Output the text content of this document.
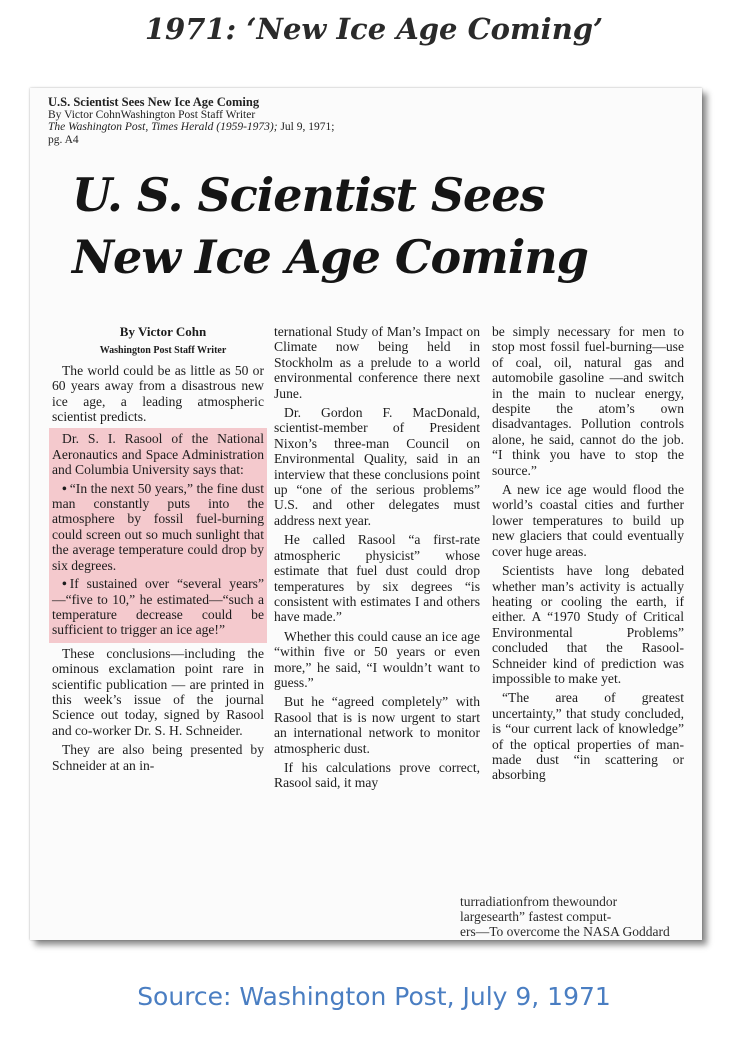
1971: ‘New Ice Age Coming’
U.S. Scientist Sees New Ice Age Coming
By Victor CohnWashington Post Staff Writer
The Washington Post, Times Herald (1959-1973); Jul 9, 1971;
pg. A4
U. S. Scientist Sees
New Ice Age Coming

By Victor Cohn

Washington Post Staff Writer

The world could be as little as 50 or 60 years away from a disastrous new ice age, a leading atmospheric scientist predicts.

Dr. S. I. Rasool of the National Aeronautics and Space Administration and Columbia University says that:

• “In the next 50 years,” the fine dust man constantly puts into the atmosphere by fossil fuel-burning could screen out so much sunlight that the average temperature could drop by six degrees.

• If sustained over “several years” —“five to 10,” he estimated—“such a temperature decrease could be sufficient to trigger an ice age!”

These conclusions—including the ominous exclamation point rare in scientific publication — are printed in this week’s issue of the journal Science out today, signed by Rasool and co-worker Dr. S. H. Schneider.

They are also being presented by Schneider at an in-

ternational Study of Man’s Impact on Climate now being held in Stockholm as a prelude to a world environmental conference there next June.

Dr. Gordon F. MacDonald, scientist-member of President Nixon’s three-man Council on Environmental Quality, said in an interview that these conclusions point up “one of the serious problems” U.S. and other delegates must address next year.

He called Rasool “a first-rate atmospheric physicist” whose estimate that fuel dust could drop temperatures by six degrees “is consistent with estimates I and others have made.”

Whether this could cause an ice age “within five or 50 years or even more,” he said, “I wouldn’t want to guess.”

But he “agreed completely” with Rasool that is is now urgent to start an international network to monitor atmospheric dust.

If his calculations prove correct, Rasool said, it may

be simply necessary for men to stop most fossil fuel-burning—use of coal, oil, natural gas and automobile gasoline —and switch in the main to nuclear energy, despite the atom’s own disadvantages. Pollution controls alone, he said, cannot do the job. “I think you have to stop the source.”

A new ice age would flood the world’s coastal cities and further lower temperatures to build up new glaciers that could eventually cover huge areas.

Scientists have long debated whether man’s activity is actually heating or cooling the earth, if either. A “1970 Study of Critical Environmental Problems” concluded that the Rasool-Schneider kind of prediction was impossible to make yet.

“The area of greatest uncertainty,” that study concluded, is “our current lack of knowledge” of the optical properties of man-made dust “in scattering or absorbing

turradiationfrom thewoundor
largesearth” fastest comput-
ers—To overcome the NASA Goddard
Source: Washington Post, July 9, 1971
